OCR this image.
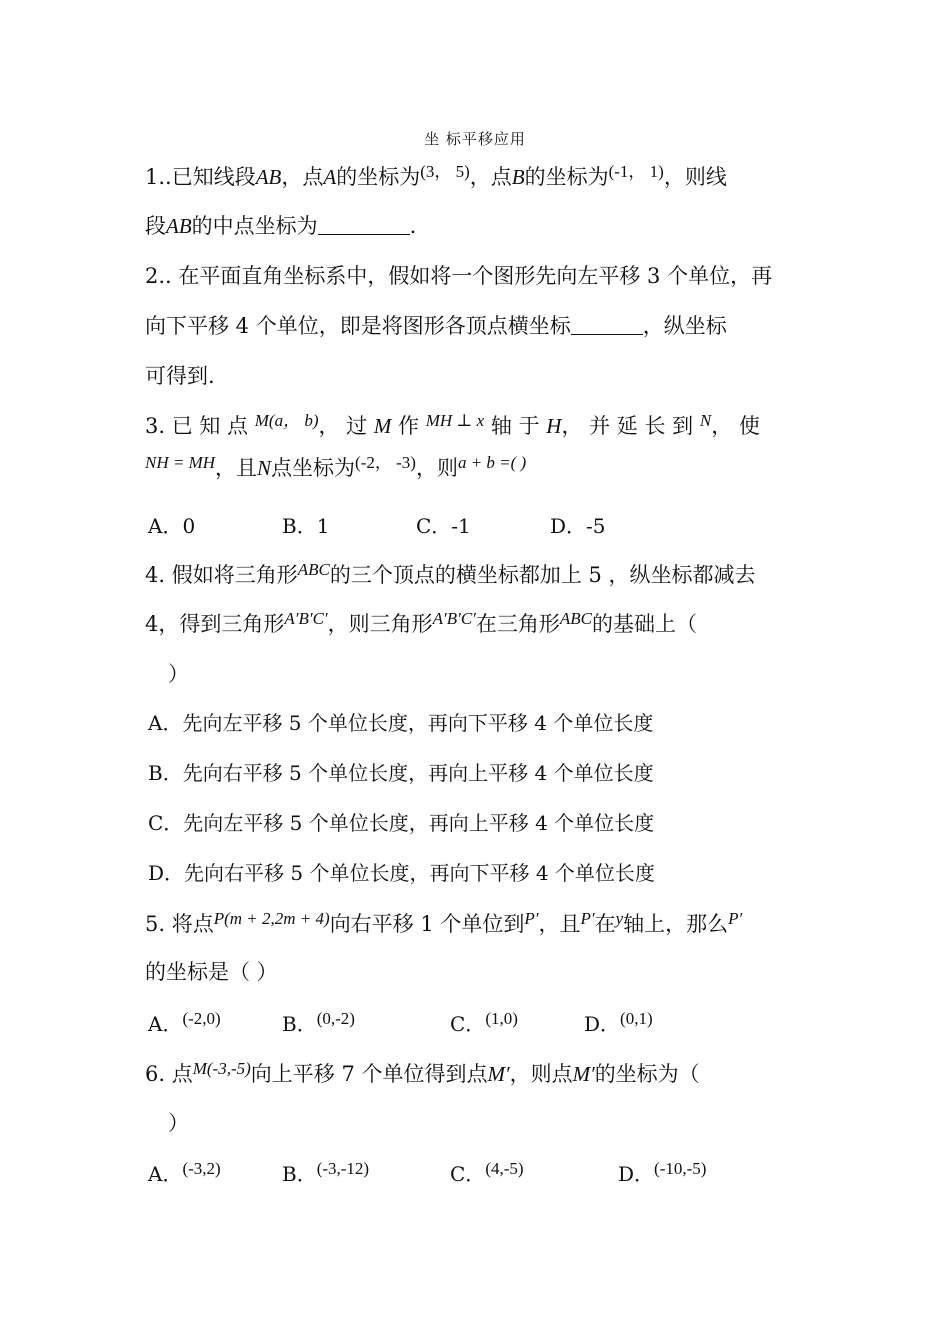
坐 标平移应用
1..已知线段AB，点A的坐标为$^{(3, 5)}$，点B的坐标为$^{(-1, 1)}$，则线
段AB的中点坐标为	.
2.. 在平面直角坐标系中，假如将一个图形先向左平移 3 个单位，再
向下平移 4 个单位，即是将图形各顶点横坐标	，纵坐标
可得到.
3. 已 知 点 $^{M(a, b)}$， 过 M 作 $^{MH \perp x}$ 轴 于 H， 并 延 长 到 $^N$， 使
$^{NH = MH}$，且N点坐标为$^{(-2, -3)}$，则$^{a + b =( )}$
A．0	B．1	C．-1	D．-5
4. 假如将三角形$^{ABC}$的三个顶点的横坐标都加上 5 ，纵坐标都减去
4，得到三角形$^{A'B'C'}$，则三角形$^{A'B'C'}$在三角形$^{ABC}$的基础上（
）
A．先向左平移 5 个单位长度，再向下平移 4 个单位长度
B．先向右平移 5 个单位长度，再向上平移 4 个单位长度
C．先向左平移 5 个单位长度，再向上平移 4 个单位长度
D．先向右平移 5 个单位长度，再向下平移 4 个单位长度
5. 将点$^{P(m + 2,2m + 4)}$向右平移 1 个单位到$^{P'}$，且$^{P'}$在$^y$轴上，那么$^{P'}$
的坐标是（ ）
A．$^{(-2,0)}$	B．$^{(0,-2)}$	C．$^{(1,0)}$	D．$^{(0,1)}$
6. 点$^{M(-3,-5)}$向上平移 7 个单位得到点M′，则点M′的坐标为（
）
A．$^{(-3,2)}$	B．$^{(-3,-12)}$	C．$^{(4,-5)}$	D．$^{(-10,-5)}$
